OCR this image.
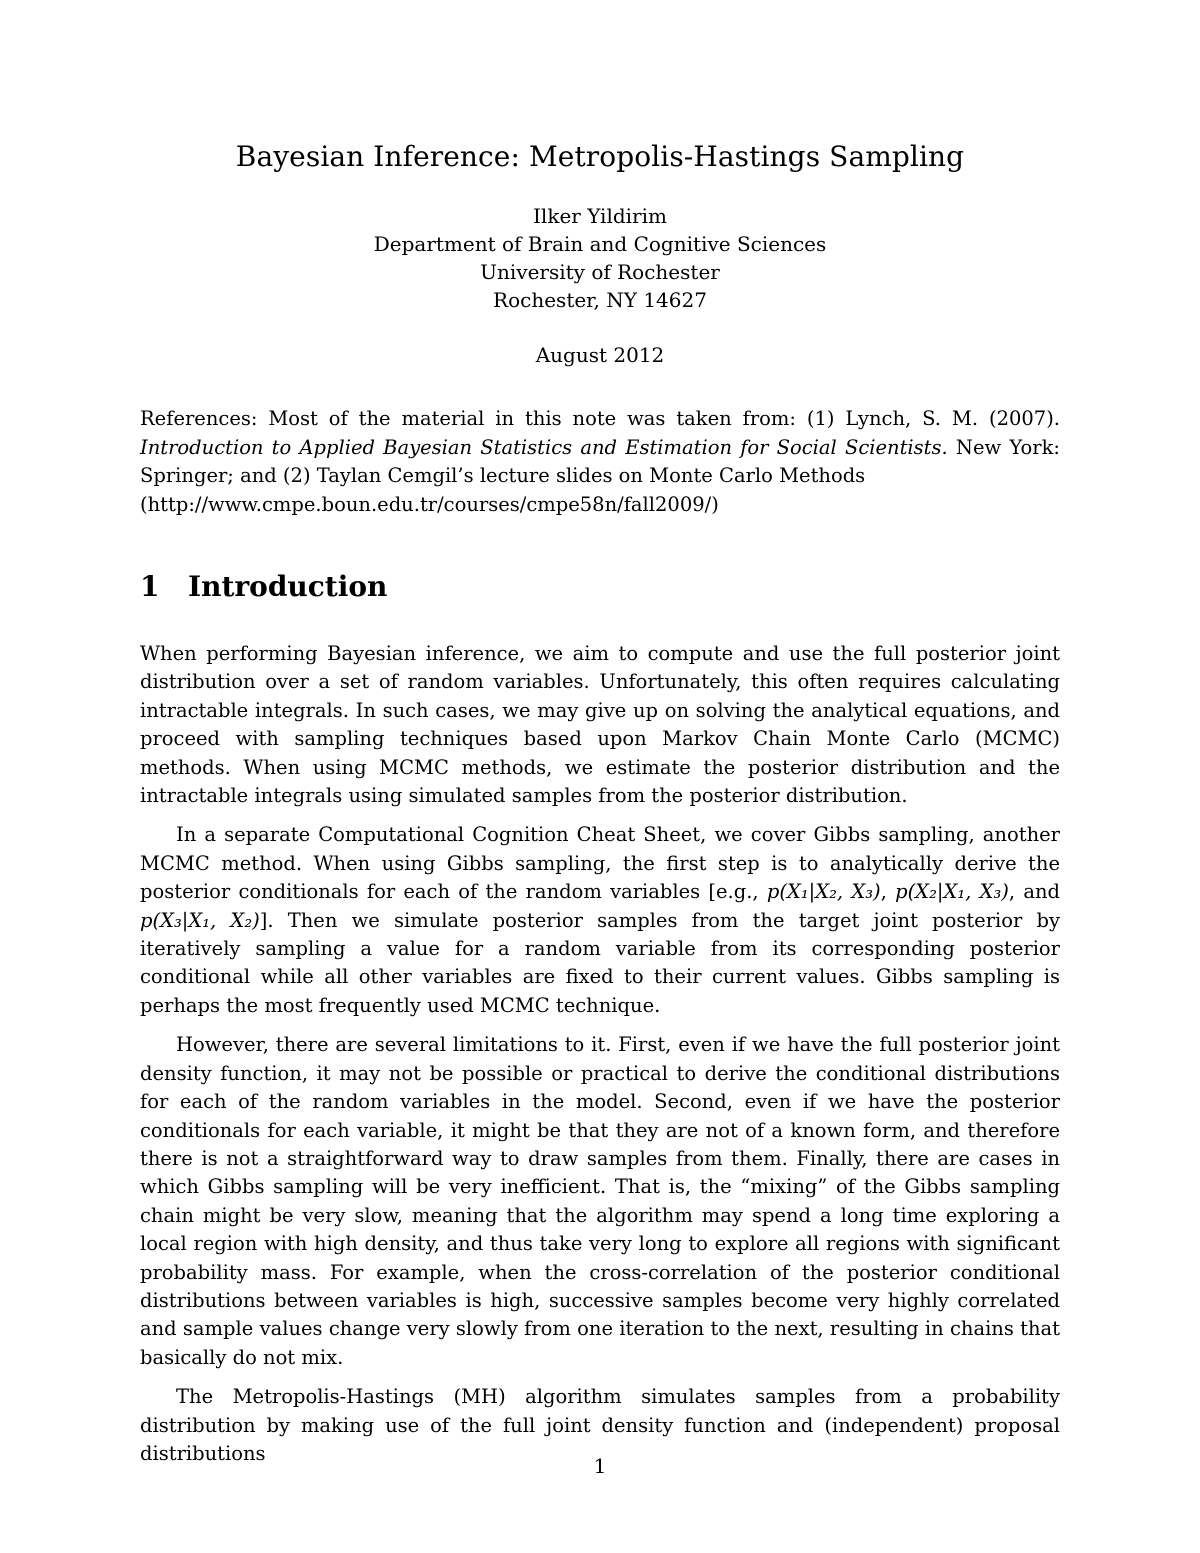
Bayesian Inference: Metropolis-Hastings Sampling
Ilker Yildirim
Department of Brain and Cognitive Sciences
University of Rochester
Rochester, NY 14627
August 2012
References: Most of the material in this note was taken from: (1) Lynch, S. M. (2007). Introduction to Applied Bayesian Statistics and Estimation for Social Scientists. New York: Springer; and (2) Taylan Cemgil’s lecture slides on Monte Carlo Methods
(http://www.cmpe.boun.edu.tr/courses/cmpe58n/fall2009/)
1 Introduction

When performing Bayesian inference, we aim to compute and use the full posterior joint distribution over a set of random variables. Unfortunately, this often requires calculating intractable integrals. In such cases, we may give up on solving the analytical equations, and proceed with sampling techniques based upon Markov Chain Monte Carlo (MCMC) methods. When using MCMC methods, we estimate the posterior distribution and the intractable integrals using simulated samples from the posterior distribution.

In a separate Computational Cognition Cheat Sheet, we cover Gibbs sampling, another MCMC method. When using Gibbs sampling, the first step is to analytically derive the posterior conditionals for each of the random variables [e.g., p(X₁|X₂, X₃), p(X₂|X₁, X₃), and p(X₃|X₁, X₂)]. Then we simulate posterior samples from the target joint posterior by iteratively sampling a value for a random variable from its corresponding posterior conditional while all other variables are fixed to their current values. Gibbs sampling is perhaps the most frequently used MCMC technique.

However, there are several limitations to it. First, even if we have the full posterior joint density function, it may not be possible or practical to derive the conditional distributions for each of the random variables in the model. Second, even if we have the posterior conditionals for each variable, it might be that they are not of a known form, and therefore there is not a straightforward way to draw samples from them. Finally, there are cases in which Gibbs sampling will be very inefficient. That is, the “mixing” of the Gibbs sampling chain might be very slow, meaning that the algorithm may spend a long time exploring a local region with high density, and thus take very long to explore all regions with significant probability mass. For example, when the cross-correlation of the posterior conditional distributions between variables is high, successive samples become very highly correlated and sample values change very slowly from one iteration to the next, resulting in chains that basically do not mix.

The Metropolis-Hastings (MH) algorithm simulates samples from a probability distribution by making use of the full joint density function and (independent) proposal distributions

1
